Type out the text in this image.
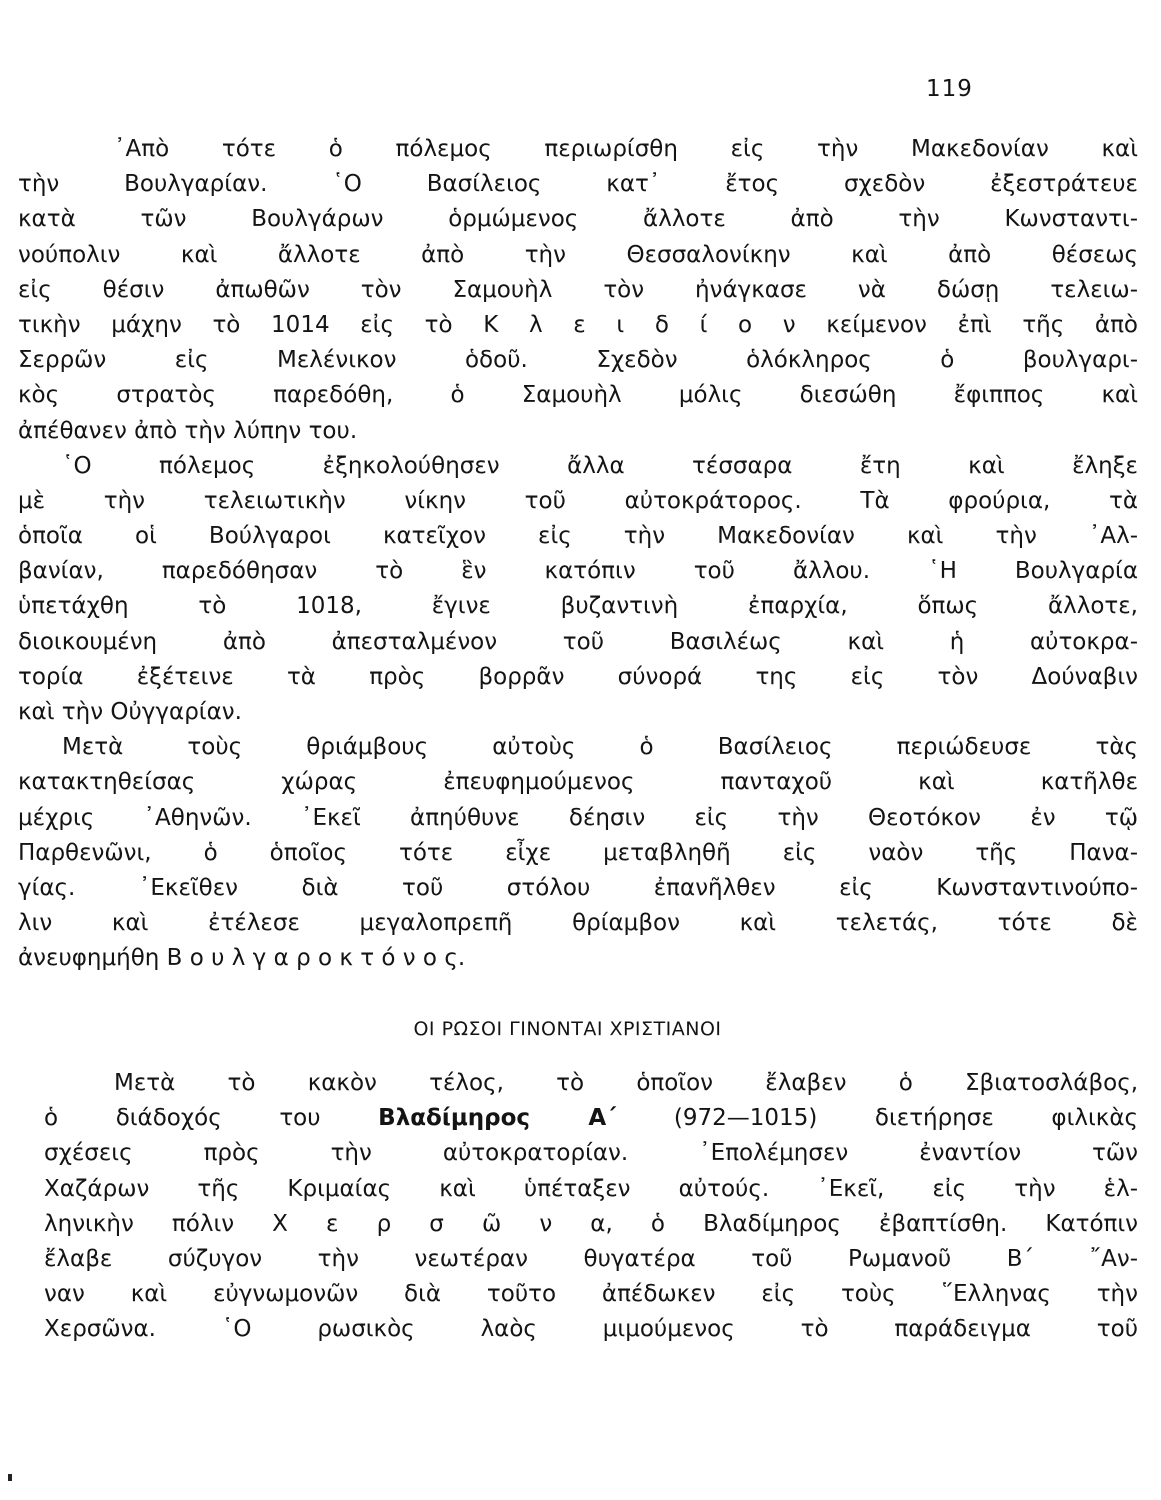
119
᾿Απὸ τότε ὁ πόλεμος περιωρίσθη εἰς τὴν Μακεδονίαν καὶ
τὴν Βουλγαρίαν. ῾Ο Βασίλειος κατ᾿ ἔτος σχεδὸν ἐξεστράτευε
κατὰ τῶν Βουλγάρων ὁρμώμενος ἄλλοτε ἀπὸ τὴν Κωνσταντι-
νούπολιν καὶ ἄλλοτε ἀπὸ τὴν Θεσσαλονίκην καὶ ἀπὸ θέσεως
εἰς θέσιν ἀπωθῶν τὸν Σαμουὴλ τὸν ἠνάγκασε νὰ δώσῃ τελειω-
τικὴν μάχην τὸ 1014 εἰς τὸ Κ λ ε ι δ ί ο ν κείμενον ἐπὶ τῆς ἀπὸ
Σερρῶν εἰς Μελένικον ὁδοῦ. Σχεδὸν ὁλόκληρος ὁ βουλγαρι-
κὸς στρατὸς παρεδόθη, ὁ Σαμουὴλ μόλις διεσώθη ἔφιππος καὶ
ἀπέθανεν ἀπὸ τὴν λύπην του.
῾Ο πόλεμος ἐξηκολούθησεν ἄλλα τέσσαρα ἔτη καὶ ἔληξε
μὲ τὴν τελειωτικὴν νίκην τοῦ αὐτοκράτορος. Τὰ φρούρια, τὰ
ὁποῖα οἱ Βούλγαροι κατεῖχον εἰς τὴν Μακεδονίαν καὶ τὴν ᾿Αλ-
βανίαν, παρεδόθησαν τὸ ἓν κατόπιν τοῦ ἄλλου. ῾Η Βουλγαρία
ὑπετάχθη τὸ 1018, ἔγινε βυζαντινὴ ἐπαρχία, ὅπως ἄλλοτε,
διοικουμένη ἀπὸ ἀπεσταλμένον τοῦ Βασιλέως καὶ ἡ αὐτοκρα-
τορία ἐξέτεινε τὰ πρὸς βορρᾶν σύνορά της εἰς τὸν Δούναβιν
καὶ τὴν Οὐγγαρίαν.
Μετὰ τοὺς θριάμβους αὐτοὺς ὁ Βασίλειος περιώδευσε τὰς
κατακτηθείσας χώρας ἐπευφημούμενος πανταχοῦ καὶ κατῆλθε
μέχρις ᾿Αθηνῶν. ᾿Εκεῖ ἀπηύθυνε δέησιν εἰς τὴν Θεοτόκον ἐν τῷ
Παρθενῶνι, ὁ ὁποῖος τότε εἶχε μεταβληθῆ εἰς ναὸν τῆς Πανα-
γίας. ᾿Εκεῖθεν διὰ τοῦ στόλου ἐπανῆλθεν εἰς Κωνσταντινούπο-
λιν καὶ ἐτέλεσε μεγαλοπρεπῆ θρίαμβον καὶ τελετάς, τότε δὲ
ἀνευφημήθη Β ο υ λ γ α ρ ο κ τ ό ν ο ς.
ΟΙ ΡΩΣΟΙ ΓΙΝΟΝΤΑΙ ΧΡΙΣΤΙΑΝΟΙ
Μετὰ τὸ κακὸν τέλος, τὸ ὁποῖον ἔλαβεν ὁ Σβιατοσλάβος,
ὁ διάδοχός του Βλαδίμηρος Α΄ (972—1015) διετήρησε φιλικὰς
σχέσεις πρὸς τὴν αὐτοκρατορίαν. ᾿Επολέμησεν ἐναντίον τῶν
Χαζάρων τῆς Κριμαίας καὶ ὑπέταξεν αὐτούς. ᾿Εκεῖ, εἰς τὴν ἑλ-
ληνικὴν πόλιν Χ ε ρ σ ῶ ν α, ὁ Βλαδίμηρος ἐβαπτίσθη. Κατόπιν
ἔλαβε σύζυγον τὴν νεωτέραν θυγατέρα τοῦ Ρωμανοῦ Β΄ ῎Αν-
ναν καὶ εὐγνωμονῶν διὰ τοῦτο ἀπέδωκεν εἰς τοὺς ῞Ελληνας τὴν
Χερσῶνα. ῾Ο ρωσικὸς λαὸς μιμούμενος τὸ παράδειγμα τοῦ
